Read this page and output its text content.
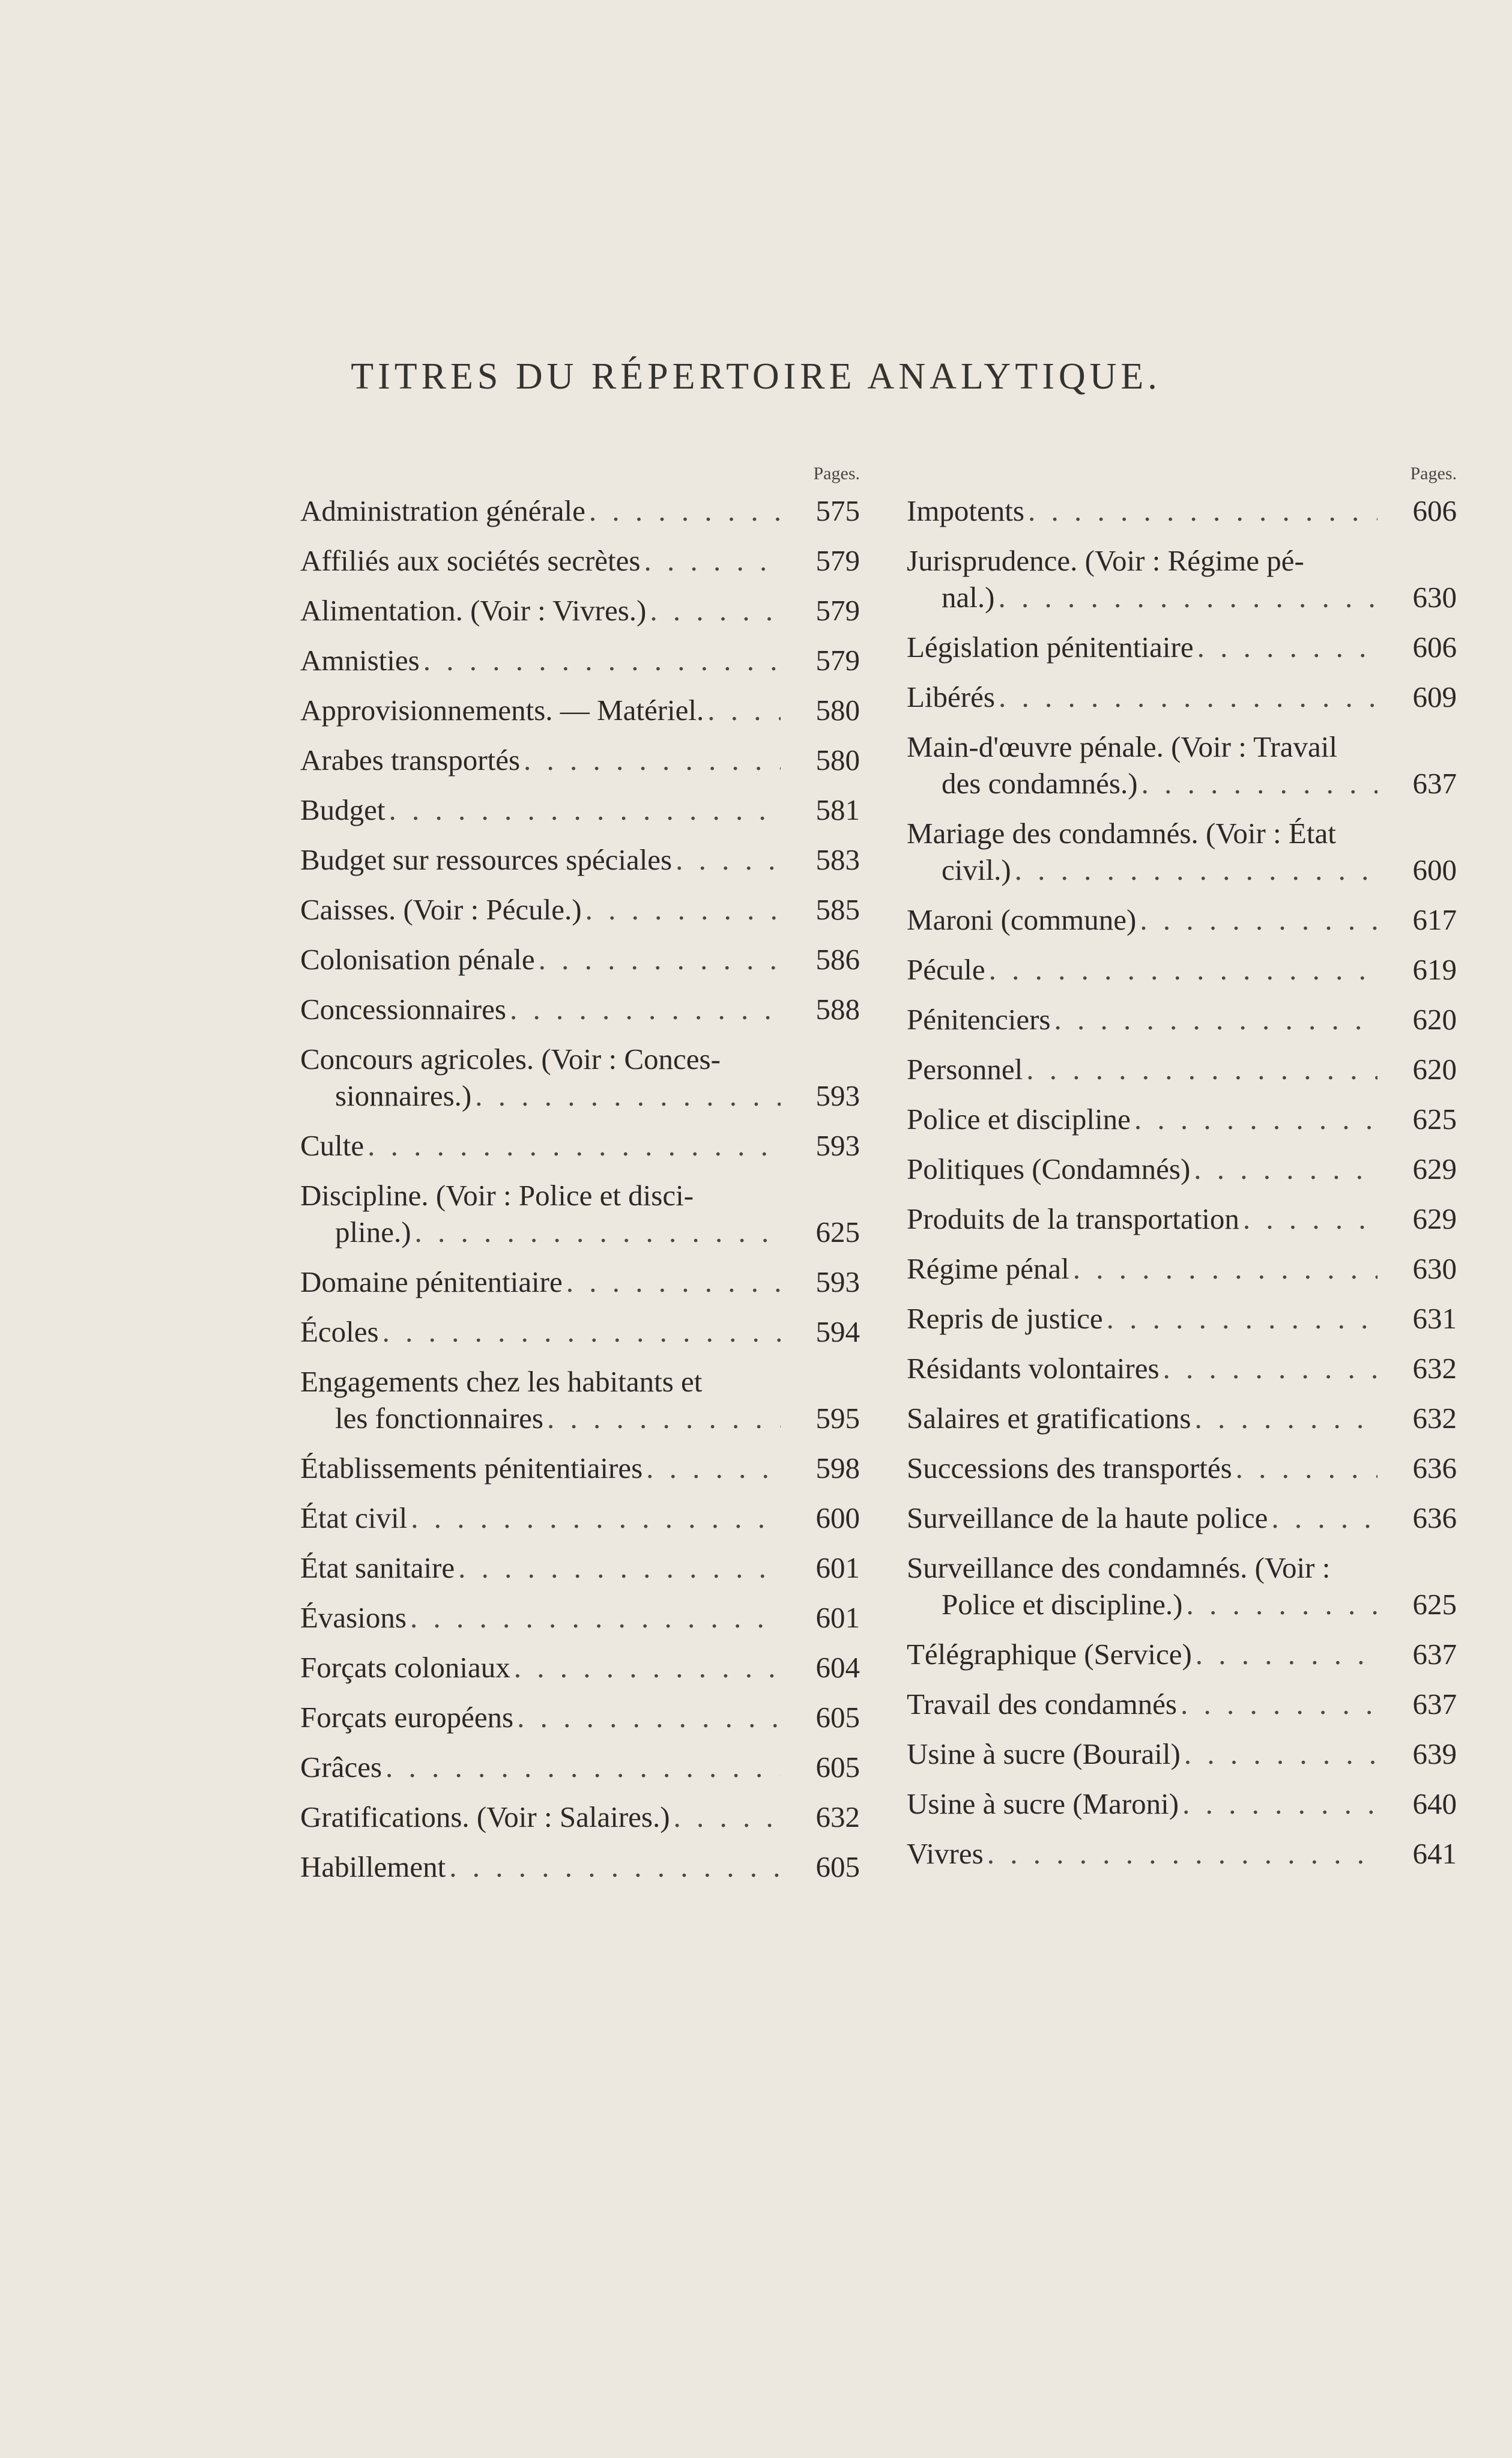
TITRES DU RÉPERTOIRE ANALYTIQUE.
Pages.
Administration générale . . .	575
Affiliés aux sociétés secrètes . . .	579
Alimentation. (Voir : Vivres.) . . .	579
Amnisties . . .	579
Approvisionnements. — Matériel. . . .	580
Arabes transportés . . .	580
Budget . . .	581
Budget sur ressources spéciales . . .	583
Caisses. (Voir : Pécule.) . . .	585
Colonisation pénale . . .	586
Concessionnaires . . .	588
Concours agricoles. (Voir : Conces-
sionnaires.) . . .	593
Culte . . .	593
Discipline. (Voir : Police et disci-
pline.) . . .	625
Domaine pénitentiaire . . .	593
Écoles . . .	594
Engagements chez les habitants et
les fonctionnaires . . .	595
Établissements pénitentiaires . . .	598
État civil . . .	600
État sanitaire . . .	601
Évasions . . .	601
Forçats coloniaux . . .	604
Forçats européens . . .	605
Grâces . . .	605
Gratifications. (Voir : Salaires.) . . .	632
Habillement . . .	605
Pages.
Impotents . . .	606
Jurisprudence. (Voir : Régime pé-
nal.) . . .	630
Législation pénitentiaire . . .	606
Libérés . . .	609
Main-d'œuvre pénale. (Voir : Travail
des condamnés.) . . .	637
Mariage des condamnés. (Voir : État
civil.) . . .	600
Maroni (commune) . . .	617
Pécule . . .	619
Pénitenciers . . .	620
Personnel . . .	620
Police et discipline . . .	625
Politiques (Condamnés) . . .	629
Produits de la transportation . . .	629
Régime pénal . . .	630
Repris de justice . . .	631
Résidants volontaires . . .	632
Salaires et gratifications . . .	632
Successions des transportés . . .	636
Surveillance de la haute police . . .	636
Surveillance des condamnés. (Voir :
Police et discipline.) . . .	625
Télégraphique (Service) . . .	637
Travail des condamnés . . .	637
Usine à sucre (Bourail) . . .	639
Usine à sucre (Maroni) . . .	640
Vivres . . .	641
